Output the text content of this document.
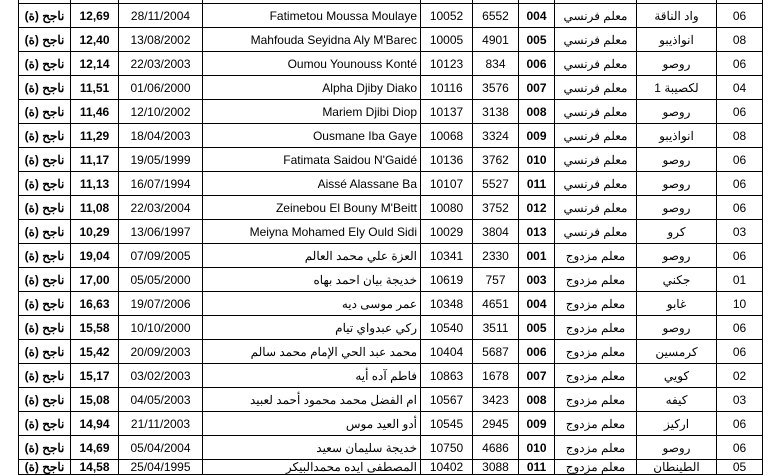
ناجح (ة)	12,69	28/11/2004	Fatimetou Moussa Moulaye	10052	6552	004	معلم فرنسي	واد الناقة	06
ناجح (ة)	12,40	13/08/2002	Mahfouda Seyidna Aly M'Barec	10005	4901	005	معلم فرنسي	انواذيبو	08
ناجح (ة)	12,14	22/03/2003	Oumou Younouss Konté	10123	834	006	معلم فرنسي	روصو	06
ناجح (ة)	11,51	01/06/2000	Alpha Djiby Diako	10116	3576	007	معلم فرنسي	لكصيبة 1	04
ناجح (ة)	11,46	12/10/2002	Mariem Djibi Diop	10137	3138	008	معلم فرنسي	روصو	06
ناجح (ة)	11,29	18/04/2003	Ousmane Iba Gaye	10068	3324	009	معلم فرنسي	انواذيبو	08
ناجح (ة)	11,17	19/05/1999	Fatimata Saidou N'Gaidé	10136	3762	010	معلم فرنسي	روصو	06
ناجح (ة)	11,13	16/07/1994	Aissé Alassane Ba	10107	5527	011	معلم فرنسي	روصو	06
ناجح (ة)	11,08	22/03/2004	Zeinebou El Bouny M'Beitt	10080	3752	012	معلم فرنسي	روصو	06
ناجح (ة)	10,29	13/06/1997	Meiyna Mohamed Ely Ould Sidi	10029	3804	013	معلم فرنسي	كرو	03
ناجح (ة)	19,04	07/09/2005	العزة علي محمد العالم	10341	2330	001	معلم مزدوج	روصو	06
ناجح (ة)	17,00	05/05/2000	خديجة بيان احمد بهاه	10619	757	003	معلم مزدوج	جكني	01
ناجح (ة)	16,63	19/07/2006	عمر موسى ديه	10348	4651	004	معلم مزدوج	غابو	10
ناجح (ة)	15,58	10/10/2000	ركي عبدواي تيام	10540	3511	005	معلم مزدوج	روصو	06
ناجح (ة)	15,42	20/09/2003	محمد عبد الحي الإمام محمد سالم	10404	5687	006	معلم مزدوج	كرمسين	06
ناجح (ة)	15,17	03/02/2003	فاطم آده أيه	10863	1678	007	معلم مزدوج	كويي	02
ناجح (ة)	15,08	04/05/2003	ام الفضل محمد محمود أحمد لعبيد	10567	3423	008	معلم مزدوج	كيفه	03
ناجح (ة)	14,94	21/11/2003	أدو العيد موس	10545	2945	009	معلم مزدوج	اركيز	06
ناجح (ة)	14,69	05/04/2004	خديجة سليمان سعيد	10750	4686	010	معلم مزدوج	روصو	06
ناجح (ة)	14,58	25/04/1995	المصطفى ايده محمدالبيكر	10402	3088	011	معلم مزدوج	الطينطان	05
